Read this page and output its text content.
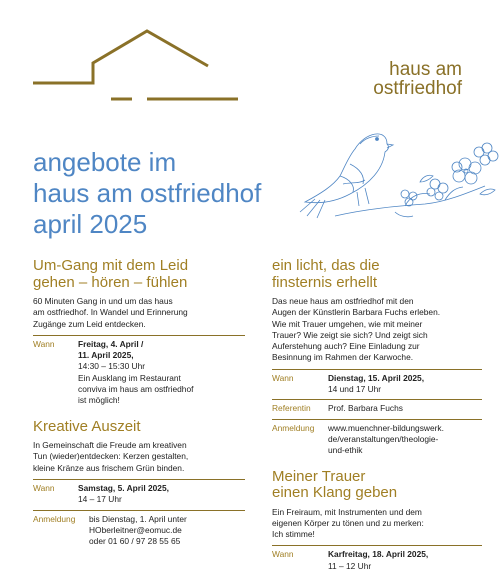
haus am
ostfriedhof
angebote im
haus am ostfriedhof
april 2025
Um-Gang mit dem Leid
gehen – hören – fühlen
60 Minuten Gang in und um das haus
am ostfriedhof. In Wandel und Erinnerung
Zugänge zum Leid entdecken.
Wann	Freitag, 4. April /
11. April 2025,
14:30 – 15:30 Uhr
Ein Ausklang im Restaurant
conviva im haus am ostfriedhof
ist möglich!
Kreative Auszeit
In Gemeinschaft die Freude am kreativen
Tun (wieder)entdecken: Kerzen gestalten,
kleine Kränze aus frischem Grün binden.
Wann	Samstag, 5. April 2025,
14 – 17 Uhr
Anmeldung	bis Dienstag, 1. April unter
HOberleitner@eomuc.de
oder 01 60 / 97 28 55 65
ein licht, das die
finsternis erhellt
Das neue haus am ostfriedhof mit den
Augen der Künstlerin Barbara Fuchs erleben.
Wie mit Trauer umgehen, wie mit meiner
Trauer? Wie zeigt sie sich? Und zeigt sich
Auferstehung auch? Eine Einladung zur
Besinnung im Rahmen der Karwoche.
Wann	Dienstag, 15. April 2025,
14 und 17 Uhr
Referentin	Prof. Barbara Fuchs
Anmeldung	www.muenchner-bildungswerk.
de/veranstaltungen/theologie-
und-ethik
Meiner Trauer
einen Klang geben
Ein Freiraum, mit Instrumenten und dem
eigenen Körper zu tönen und zu merken:
Ich stimme!
Wann	Karfreitag, 18. April 2025,
11 – 12 Uhr
